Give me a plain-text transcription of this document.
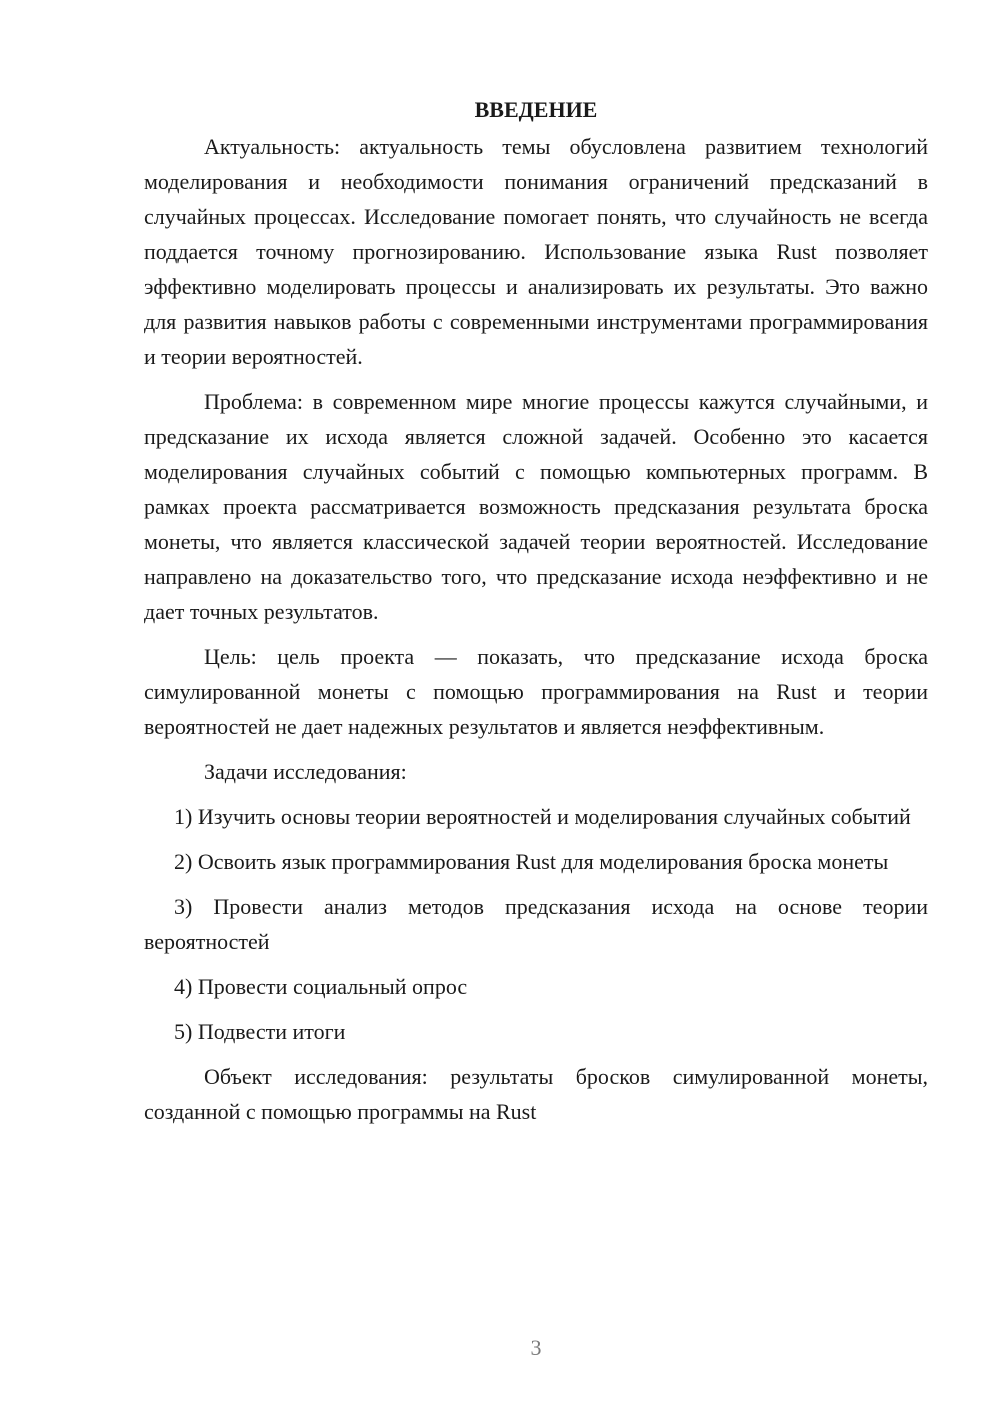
ВВЕДЕНИЕ

Актуальность: актуальность темы обусловлена развитием технологий моделирования и необходимости понимания ограничений предсказаний в случайных процессах. Исследование помогает понять, что случайность не всегда поддается точному прогнозированию. Использование языка Rust позволяет эффективно моделировать процессы и анализировать их результаты. Это важно для развития навыков работы с современными инструментами программирования и теории вероятностей.

Проблема: в современном мире многие процессы кажутся случайными, и предсказание их исхода является сложной задачей. Особенно это касается моделирования случайных событий с помощью компьютерных программ. В рамках проекта рассматривается возможность предсказания результата броска монеты, что является классической задачей теории вероятностей. Исследование направлено на доказательство того, что предсказание исхода неэффективно и не дает точных результатов.

Цель: цель проекта — показать, что предсказание исхода броска симулированной монеты с помощью программирования на Rust и теории вероятностей не дает надежных результатов и является неэффективным.

Задачи исследования:

1) Изучить основы теории вероятностей и моделирования случайных событий

2) Освоить язык программирования Rust для моделирования броска монеты

3) Провести анализ методов предсказания исхода на основе теории вероятностей

4) Провести социальный опрос

5) Подвести итоги

Объект исследования: результаты бросков симулированной монеты, созданной с помощью программы на Rust

3
